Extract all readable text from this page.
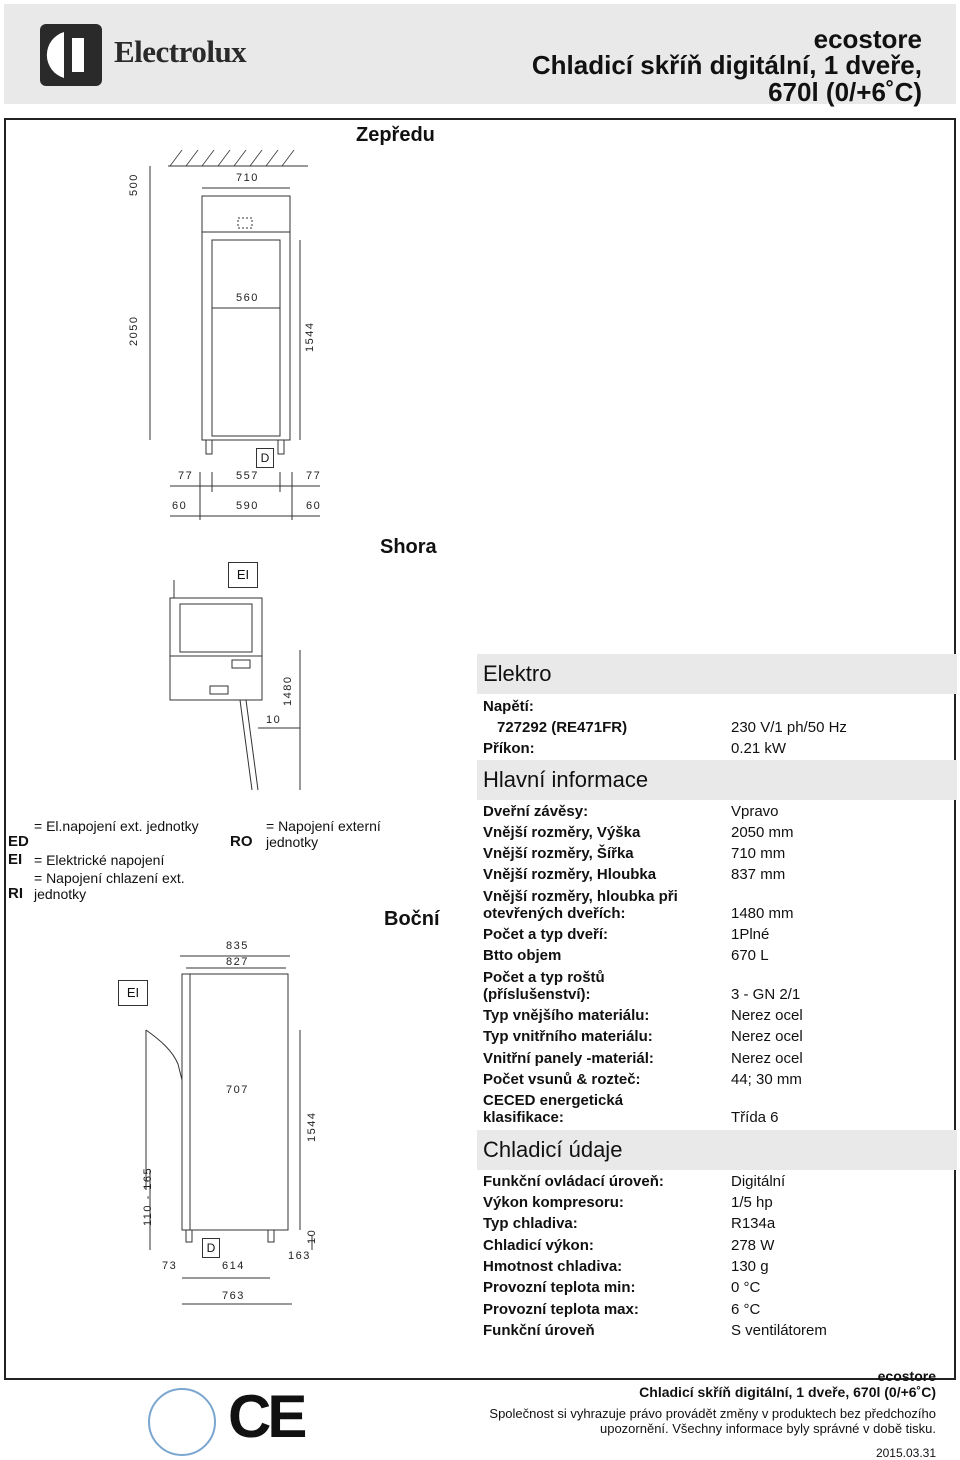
Electrolux	ecostore
Chladicí skříň digitální, 1 dveře, 670l (0/+6˚C)
Zepředu
Shora
Boční
500	710
2050
560
1544
D
77	557	77
60	590	60
EI
1480
10
ED
= El.napojení ext. jednotky
EI = Elektrické napojení
RI
= Napojení chlazení ext. jednotky
RO
= Napojení externí jednotky
835
827
EI
707
1544
110 - 165
D
10
163
73	614
763
Elektro
Napětí:
727292 (RE471FR)	230 V/1 ph/50 Hz
Příkon:	0.21 kW
Hlavní informace
Dveřní závěsy:	Vpravo
Vnější rozměry, Výška	2050 mm
Vnější rozměry, Šířka	710 mm
Vnější rozměry, Hloubka	837 mm
Vnější rozměry, hloubka při otevřených dveřích:	1480 mm
Počet a typ dveří:	1Plné
Btto objem	670 L
Počet a typ roštů (příslušenství):	3 - GN 2/1
Typ vnějšího materiálu:	Nerez ocel
Typ vnitřního materiálu:	Nerez ocel
Vnitřní panely -materiál:	Nerez ocel
Počet vsunů & rozteč:	44; 30 mm
CECED energetická klasifikace:	Třída 6
Chladicí údaje
Funkční ovládací úroveň:	Digitální
Výkon kompresoru:	1/5 hp
Typ chladiva:	R134a
Chladicí výkon:	278 W
Hmotnost chladiva:	130 g
Provozní teplota min:	0 °C
Provozní teplota max:	6 °C
Funkční úroveň	S ventilátorem
CE
ecostore
Chladicí skříň digitální, 1 dveře, 670l (0/+6˚C)
Společnost si vyhrazuje právo provádět změny v produktech bez předchozího upozornění. Všechny informace byly správné v době tisku.
2015.03.31
